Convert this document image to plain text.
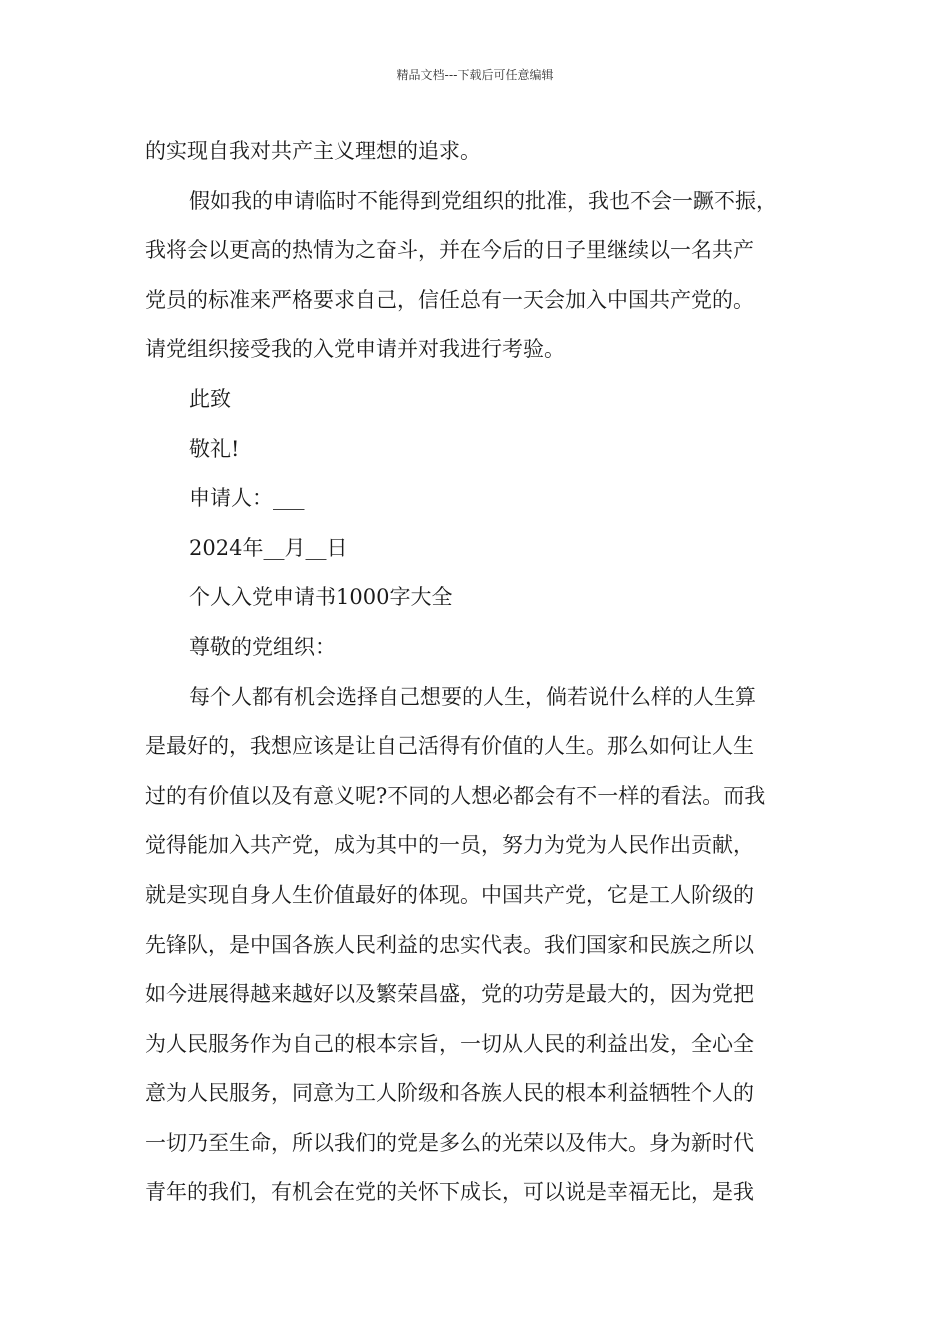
精品文档---下载后可任意编辑
的实现自我对共产主义理想的追求。
假如我的申请临时不能得到党组织的批准，我也不会一蹶不振，
我将会以更高的热情为之奋斗，并在今后的日子里继续以一名共产
党员的标准来严格要求自己，信任总有一天会加入中国共产党的。
请党组织接受我的入党申请并对我进行考验。
此致
敬礼!
申请人：___
2024年__月__日
个人入党申请书1000字大全
尊敬的党组织：
每个人都有机会选择自己想要的人生，倘若说什么样的人生算
是最好的，我想应该是让自己活得有价值的人生。那么如何让人生
过的有价值以及有意义呢?不同的人想必都会有不一样的看法。而我
觉得能加入共产党，成为其中的一员，努力为党为人民作出贡献，
就是实现自身人生价值最好的体现。中国共产党，它是工人阶级的
先锋队，是中国各族人民利益的忠实代表。我们国家和民族之所以
如今进展得越来越好以及繁荣昌盛，党的功劳是最大的，因为党把
为人民服务作为自己的根本宗旨，一切从人民的利益出发，全心全
意为人民服务，同意为工人阶级和各族人民的根本利益牺牲个人的
一切乃至生命，所以我们的党是多么的光荣以及伟大。身为新时代
青年的我们，有机会在党的关怀下成长，可以说是幸福无比，是我
